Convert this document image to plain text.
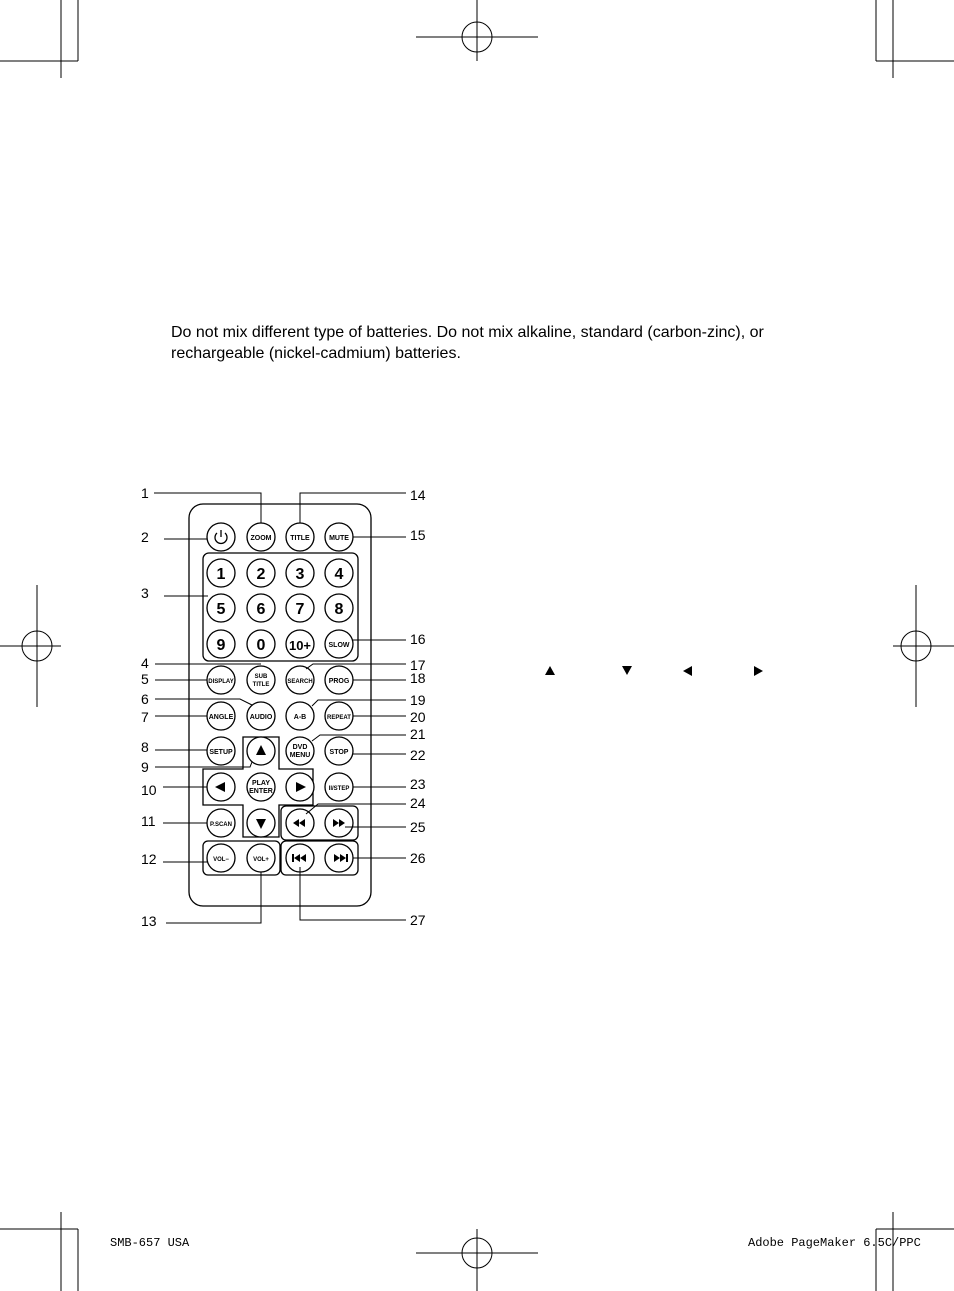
Do not mix different type of batteries. Do not mix alkaline, standard (carbon-zinc), or rechargeable (nickel-cadmium) batteries.
ZOOM	TITLE	MUTE
1 2 3 4
5 6 7 8
9 0 10+ SLOW
DISPLAY
SUB
TITLE	SEARCH PROG
ANGLE AUDIO	A-B	REPEAT
SETUP
DVD
MENU	STOP
PLAY
ENTER	II/STEP
P.SCAN
VOL−	VOL+
1
2
3
4
5
6
7
8
9
10
11
12
13
14
15
16
17
18
19
20
21
22
23
24
25
26
27
SMB-657 USA	Adobe PageMaker 6.5C/PPC
